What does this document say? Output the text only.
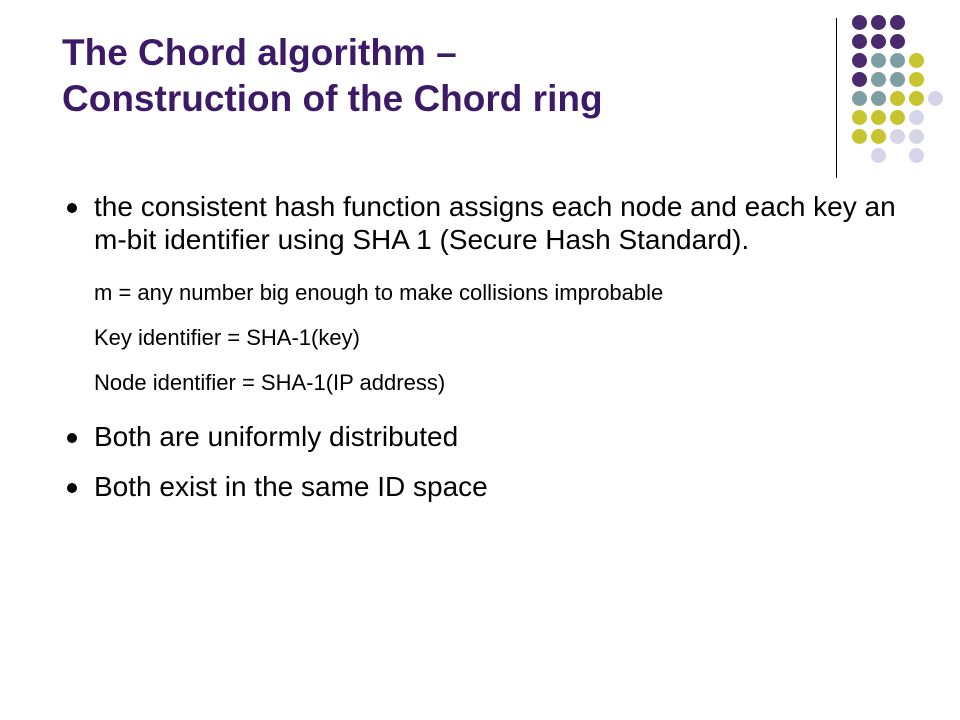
The Chord algorithm –
Construction of the Chord ring
the consistent hash function assigns each node and each key an m-bit identifier using SHA 1 (Secure Hash Standard).
m = any number big enough to make collisions improbable
Key identifier = SHA-1(key)
Node identifier = SHA-1(IP address)
Both are uniformly distributed
Both exist in the same ID space
